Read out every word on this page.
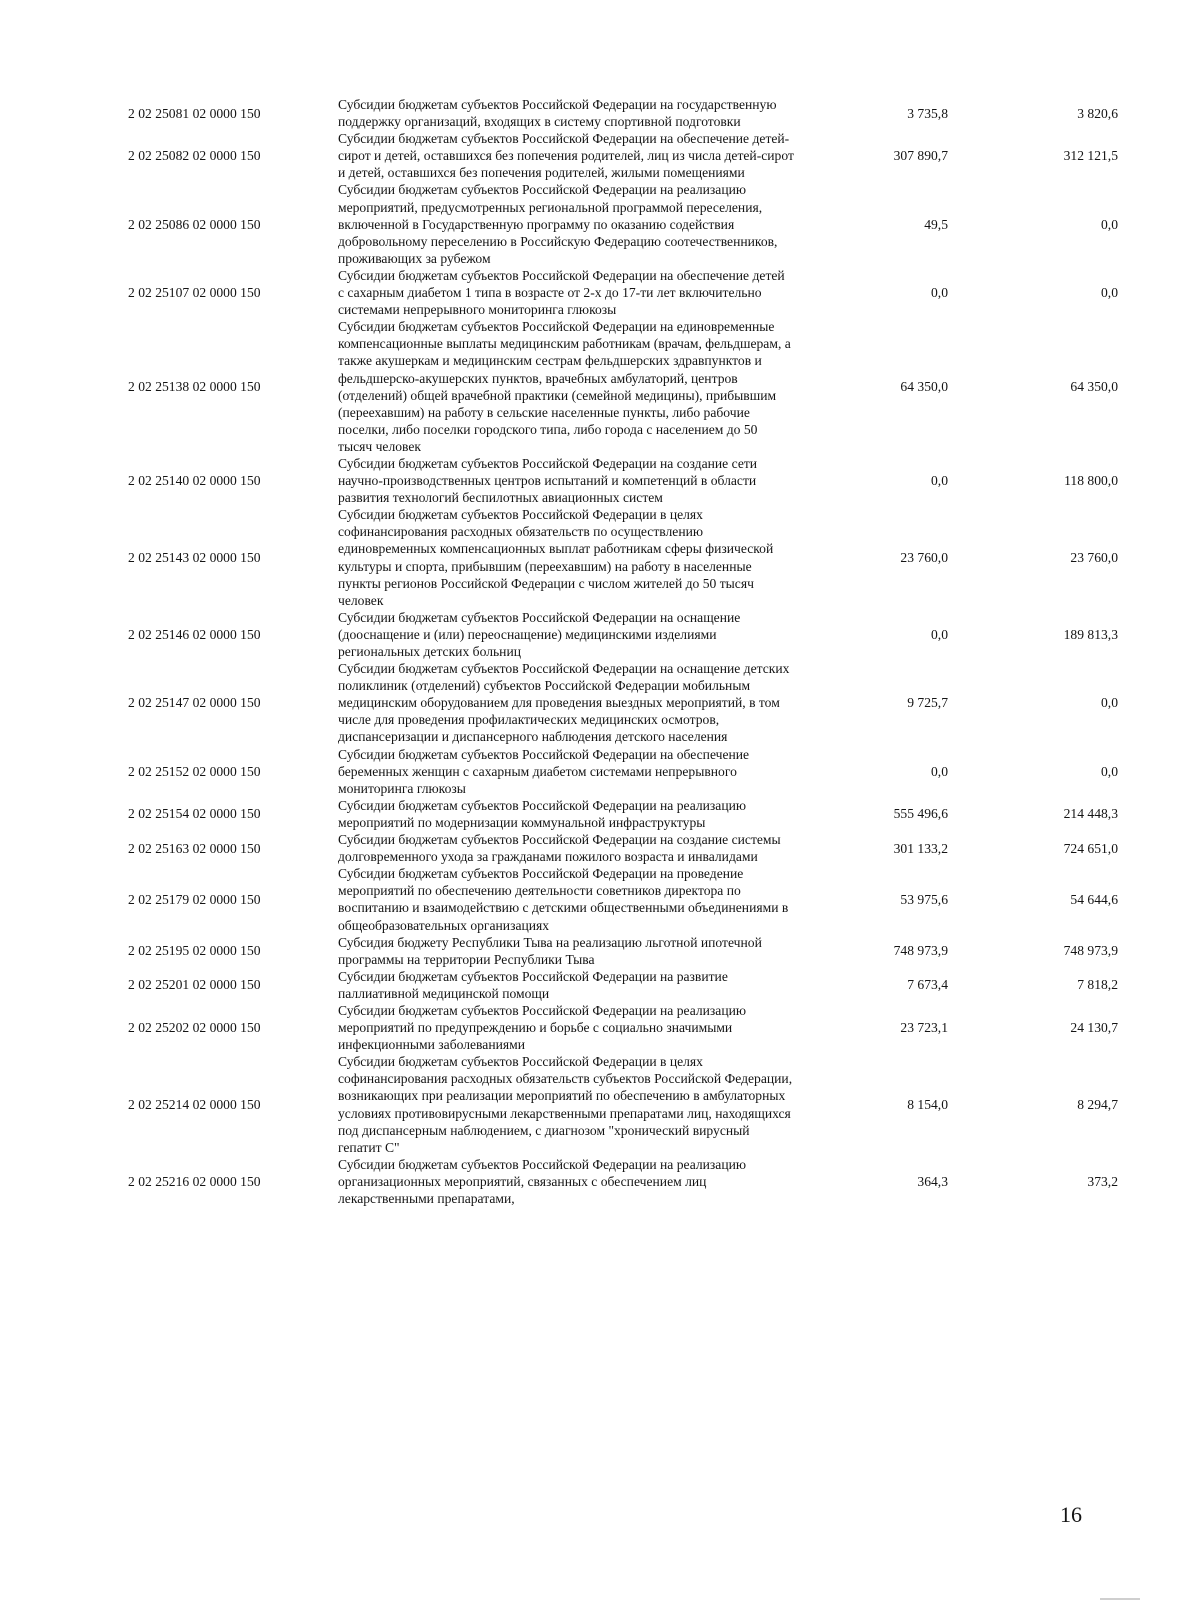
2 02 25081 02 0000 150	Субсидии бюджетам субъектов Российской Федерации на государственную поддержку организаций, входящих в систему спортивной подготовки	3 735,8	3 820,6
2 02 25082 02 0000 150	Субсидии бюджетам субъектов Российской Федерации на обеспечение детей-сирот и детей, оставшихся без попечения родителей, лиц из числа детей-сирот и детей, оставшихся без попечения родителей, жилыми помещениями	307 890,7	312 121,5
2 02 25086 02 0000 150	Субсидии бюджетам субъектов Российской Федерации на реализацию мероприятий, предусмотренных региональной программой переселения, включенной в Государственную программу по оказанию содействия добровольному переселению в Российскую Федерацию соотечественников, проживающих за рубежом	49,5	0,0
2 02 25107 02 0000 150	Субсидии бюджетам субъектов Российской Федерации на обеспечение детей с сахарным диабетом 1 типа в возрасте от 2-х до 17-ти лет включительно системами непрерывного мониторинга глюкозы	0,0	0,0
2 02 25138 02 0000 150	Субсидии бюджетам субъектов Российской Федерации на единовременные компенсационные выплаты медицинским работникам (врачам, фельдшерам, а также акушеркам и медицинским сестрам фельдшерских здравпунктов и фельдшерско-акушерских пунктов, врачебных амбулаторий, центров (отделений) общей врачебной практики (семейной медицины), прибывшим (переехавшим) на работу в сельские населенные пункты, либо рабочие поселки, либо поселки городского типа, либо города с населением до 50 тысяч человек	64 350,0	64 350,0
2 02 25140 02 0000 150	Субсидии бюджетам субъектов Российской Федерации на создание сети научно-производственных центров испытаний и компетенций в области развития технологий беспилотных авиационных систем	0,0	118 800,0
2 02 25143 02 0000 150	Субсидии бюджетам субъектов Российской Федерации в целях софинансирования расходных обязательств по осуществлению единовременных компенсационных выплат работникам сферы физической культуры и спорта, прибывшим (переехавшим) на работу в населенные пункты регионов Российской Федерации с числом жителей до 50 тысяч человек	23 760,0	23 760,0
2 02 25146 02 0000 150	Субсидии бюджетам субъектов Российской Федерации на оснащение (дооснащение и (или) переоснащение) медицинскими изделиями региональных детских больниц	0,0	189 813,3
2 02 25147 02 0000 150	Субсидии бюджетам субъектов Российской Федерации на оснащение детских поликлиник (отделений) субъектов Российской Федерации мобильным медицинским оборудованием для проведения выездных мероприятий, в том числе для проведения профилактических медицинских осмотров, диспансеризации и диспансерного наблюдения детского населения	9 725,7	0,0
2 02 25152 02 0000 150	Субсидии бюджетам субъектов Российской Федерации на обеспечение беременных женщин с сахарным диабетом системами непрерывного мониторинга глюкозы	0,0	0,0
2 02 25154 02 0000 150	Субсидии бюджетам субъектов Российской Федерации на реализацию мероприятий по модернизации коммунальной инфраструктуры	555 496,6	214 448,3
2 02 25163 02 0000 150	Субсидии бюджетам субъектов Российской Федерации на создание системы долговременного ухода за гражданами пожилого возраста и инвалидами	301 133,2	724 651,0
2 02 25179 02 0000 150	Субсидии бюджетам субъектов Российской Федерации на проведение мероприятий по обеспечению деятельности советников директора по воспитанию и взаимодействию с детскими общественными объединениями в общеобразовательных организациях	53 975,6	54 644,6
2 02 25195 02 0000 150	Субсидия бюджету Республики Тыва на реализацию льготной ипотечной программы на территории Республики Тыва	748 973,9	748 973,9
2 02 25201 02 0000 150	Субсидии бюджетам субъектов Российской Федерации на развитие паллиативной медицинской помощи	7 673,4	7 818,2
2 02 25202 02 0000 150	Субсидии бюджетам субъектов Российской Федерации на реализацию мероприятий по предупреждению и борьбе с социально значимыми инфекционными заболеваниями	23 723,1	24 130,7
2 02 25214 02 0000 150	Субсидии бюджетам субъектов Российской Федерации в целях софинансирования расходных обязательств субъектов Российской Федерации, возникающих при реализации мероприятий по обеспечению в амбулаторных условиях противовирусными лекарственными препаратами лиц, находящихся под диспансерным наблюдением, с диагнозом "хронический вирусный гепатит С"	8 154,0	8 294,7
2 02 25216 02 0000 150	Субсидии бюджетам субъектов Российской Федерации на реализацию организационных мероприятий, связанных с обеспечением лиц лекарственными препаратами,	364,3	373,2
16
